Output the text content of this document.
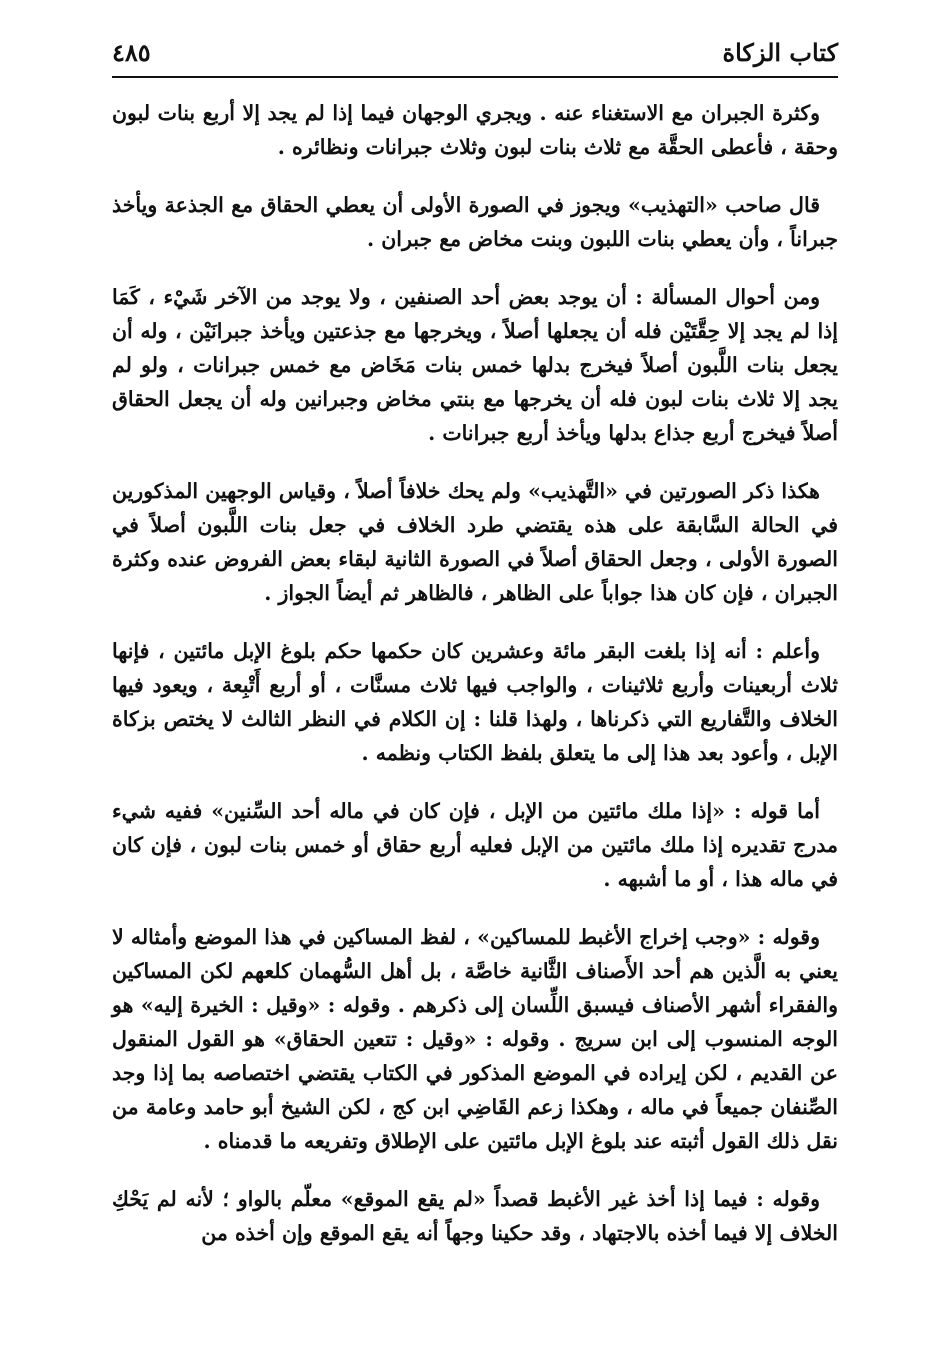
كتاب الزكاة
٤٨٥

وكثرة الجبران مع الاستغناء عنه . ويجري الوجهان فيما إذا لم يجد إلا أربع بنات لبون وحقة ، فأعطى الحقَّة مع ثلاث بنات لبون وثلاث جبرانات ونظائره .

قال صاحب «التهذيب» ويجوز في الصورة الأولى أن يعطي الحقاق مع الجذعة ويأخذ جبراناً ، وأن يعطي بنات اللبون وبنت مخاض مع جبران .

ومن أحوال المسألة : أن يوجد بعض أحد الصنفين ، ولا يوجد من الآخر شَيْء ، كَمَا إذا لم يجد إلا حِقَّتَيْن فله أن يجعلها أصلاً ، ويخرجها مع جذعتين ويأخذ جبرانَيْن ، وله أن يجعل بنات اللَّبون أصلاً فيخرج بدلها خمس بنات مَخَاض مع خمس جبرانات ، ولو لم يجد إلا ثلاث بنات لبون فله أن يخرجها مع بنتي مخاض وجبرانين وله أن يجعل الحقاق أصلاً فيخرج أربع جذاع بدلها ويأخذ أربع جبرانات .

هكذا ذكر الصورتين في «التَّهذيب» ولم يحك خلافاً أصلاً ، وقياس الوجهين المذكورين في الحالة السَّابقة على هذه يقتضي طرد الخلاف في جعل بنات اللَّبون أصلاً في الصورة الأولى ، وجعل الحقاق أصلاً في الصورة الثانية لبقاء بعض الفروض عنده وكثرة الجبران ، فإن كان هذا جواباً على الظاهر ، فالظاهر ثم أيضاً الجواز .

وأعلم : أنه إذا بلغت البقر مائة وعشرين كان حكمها حكم بلوغ الإبل مائتين ، فإنها ثلاث أربعينات وأربع ثلاثينات ، والواجب فيها ثلاث مسنَّات ، أو أربع أَتْبِعة ، ويعود فيها الخلاف والتَّفاريع التي ذكرناها ، ولهذا قلنا : إن الكلام في النظر الثالث لا يختص بزكاة الإبل ، وأعود بعد هذا إلى ما يتعلق بلفظ الكتاب ونظمه .

أما قوله : «إذا ملك مائتين من الإبل ، فإن كان في ماله أحد السِّنين» ففيه شيء مدرج تقديره إذا ملك مائتين من الإبل فعليه أربع حقاق أو خمس بنات لبون ، فإن كان في ماله هذا ، أو ما أشبهه .

وقوله : «وجب إخراج الأغبط للمساكين» ، لفظ المساكين في هذا الموضع وأمثاله لا يعني به الَّذين هم أحد الأَصناف الثَّانية خاصَّة ، بل أهل السُّهمان كلعهم لكن المساكين والفقراء أشهر الأصناف فيسبق اللِّسان إلى ذكرهم . وقوله : «وقيل : الخيرة إليه» هو الوجه المنسوب إلى ابن سريج . وقوله : «وقيل : تتعين الحقاق» هو القول المنقول عن القديم ، لكن إيراده في الموضع المذكور في الكتاب يقتضي اختصاصه بما إذا وجد الصِّنفان جميعاً في ماله ، وهكذا زعم القَاضِي ابن كج ، لكن الشيخ أبو حامد وعامة من نقل ذلك القول أثبته عند بلوغ الإبل مائتين على الإطلاق وتفريعه ما قدمناه .

وقوله : فيما إذا أخذ غير الأغبط قصداً «لم يقع الموقع» معلّم بالواو ؛ لأنه لم يَحْكِ الخلاف إلا فيما أخذه بالاجتهاد ، وقد حكينا وجهاً أنه يقع الموقع وإن أخذه من
